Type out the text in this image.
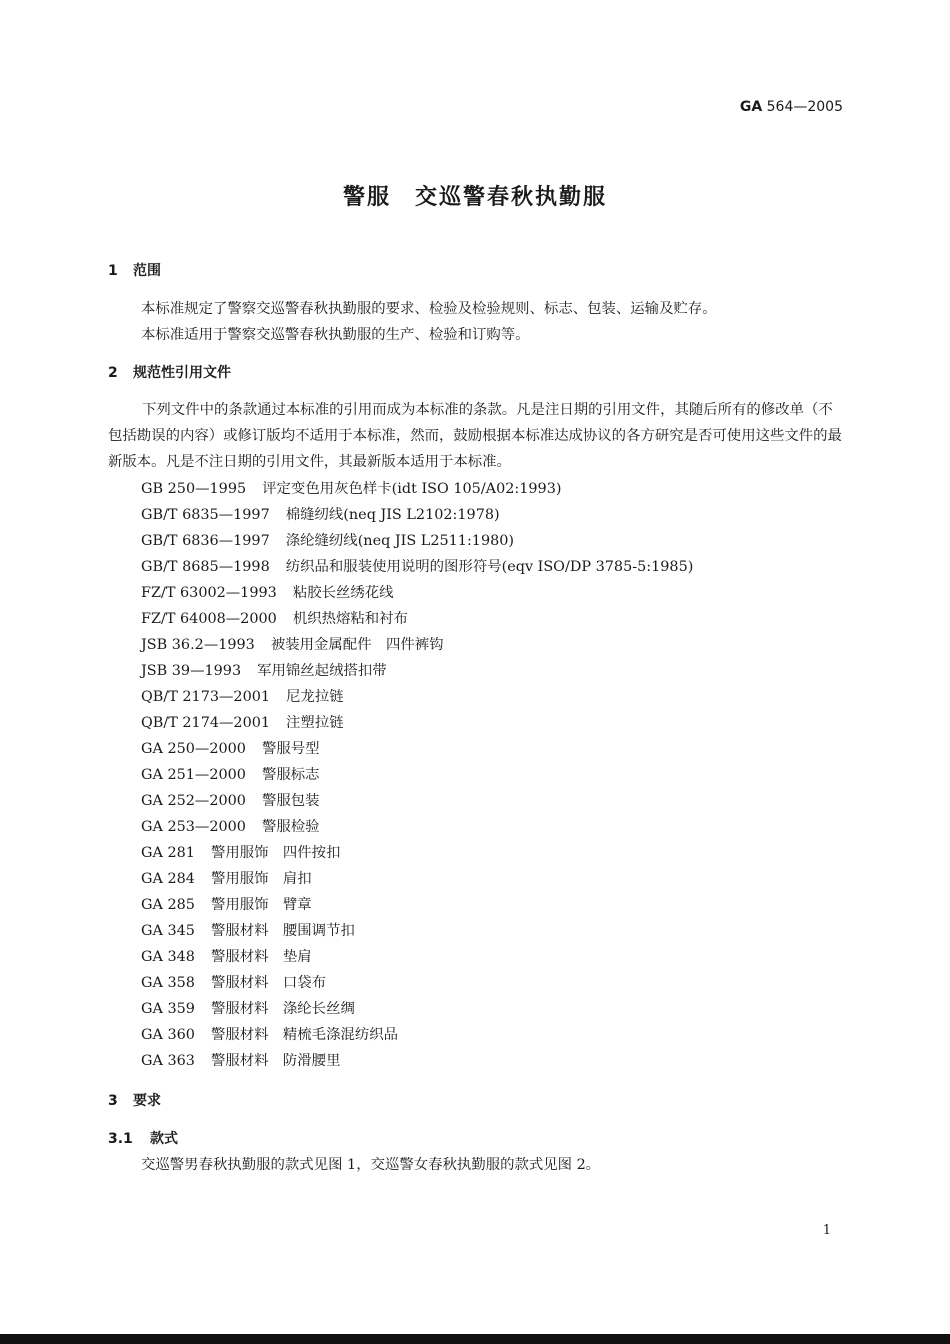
GA 564—2005
警服　交巡警春秋执勤服
1 范围
本标准规定了警察交巡警春秋执勤服的要求、检验及检验规则、标志、包装、运输及贮存。
本标准适用于警察交巡警春秋执勤服的生产、检验和订购等。
2 规范性引用文件
下列文件中的条款通过本标准的引用而成为本标准的条款。凡是注日期的引用文件，其随后所有的修改单（不包括勘误的内容）或修订版均不适用于本标准，然而，鼓励根据本标准达成协议的各方研究是否可使用这些文件的最新版本。凡是不注日期的引用文件，其最新版本适用于本标准。
GB 250—1995 评定变色用灰色样卡(idt ISO 105/A02:1993)
GB/T 6835—1997 棉缝纫线(neq JIS L2102:1978)
GB/T 6836—1997 涤纶缝纫线(neq JIS L2511:1980)
GB/T 8685—1998 纺织品和服装使用说明的图形符号(eqv ISO/DP 3785-5:1985)
FZ/T 63002—1993 粘胶长丝绣花线
FZ/T 64008—2000 机织热熔粘和衬布
JSB 36.2—1993 被装用金属配件　四件裤钩
JSB 39—1993 军用锦丝起绒搭扣带
QB/T 2173—2001 尼龙拉链
QB/T 2174—2001 注塑拉链
GA 250—2000 警服号型
GA 251—2000 警服标志
GA 252—2000 警服包装
GA 253—2000 警服检验
GA 281 警用服饰　四件按扣
GA 284 警用服饰　肩扣
GA 285 警用服饰　臂章
GA 345 警服材料　腰围调节扣
GA 348 警服材料　垫肩
GA 358 警服材料　口袋布
GA 359 警服材料　涤纶长丝绸
GA 360 警服材料　精梳毛涤混纺织品
GA 363 警服材料　防滑腰里
3 要求
3.1 款式
交巡警男春秋执勤服的款式见图 1，交巡警女春秋执勤服的款式见图 2。
1
